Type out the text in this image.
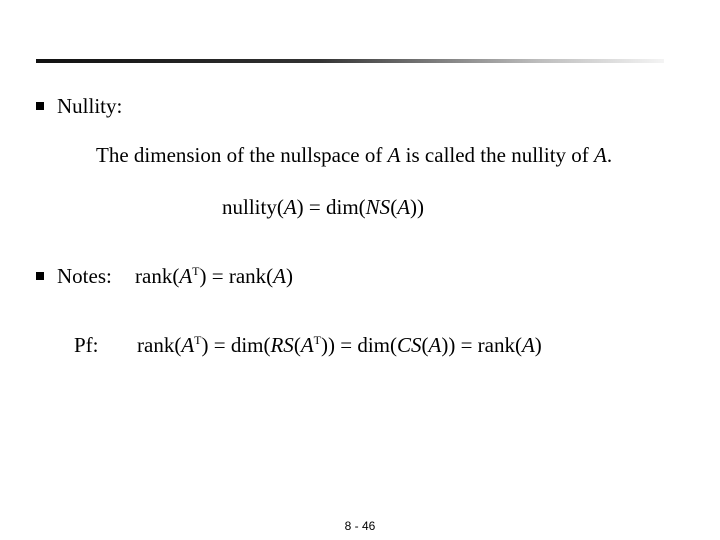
Nullity:
The dimension of the nullspace of A is called the nullity of A.
nullity(A) = dim(NS(A))
Notes: $rank(A^T)$ = rank(A)
Pf: $rank(A^T) = dim(RS(A^T)) = dim(CS(A))$ = rank(A)
8 - 46
